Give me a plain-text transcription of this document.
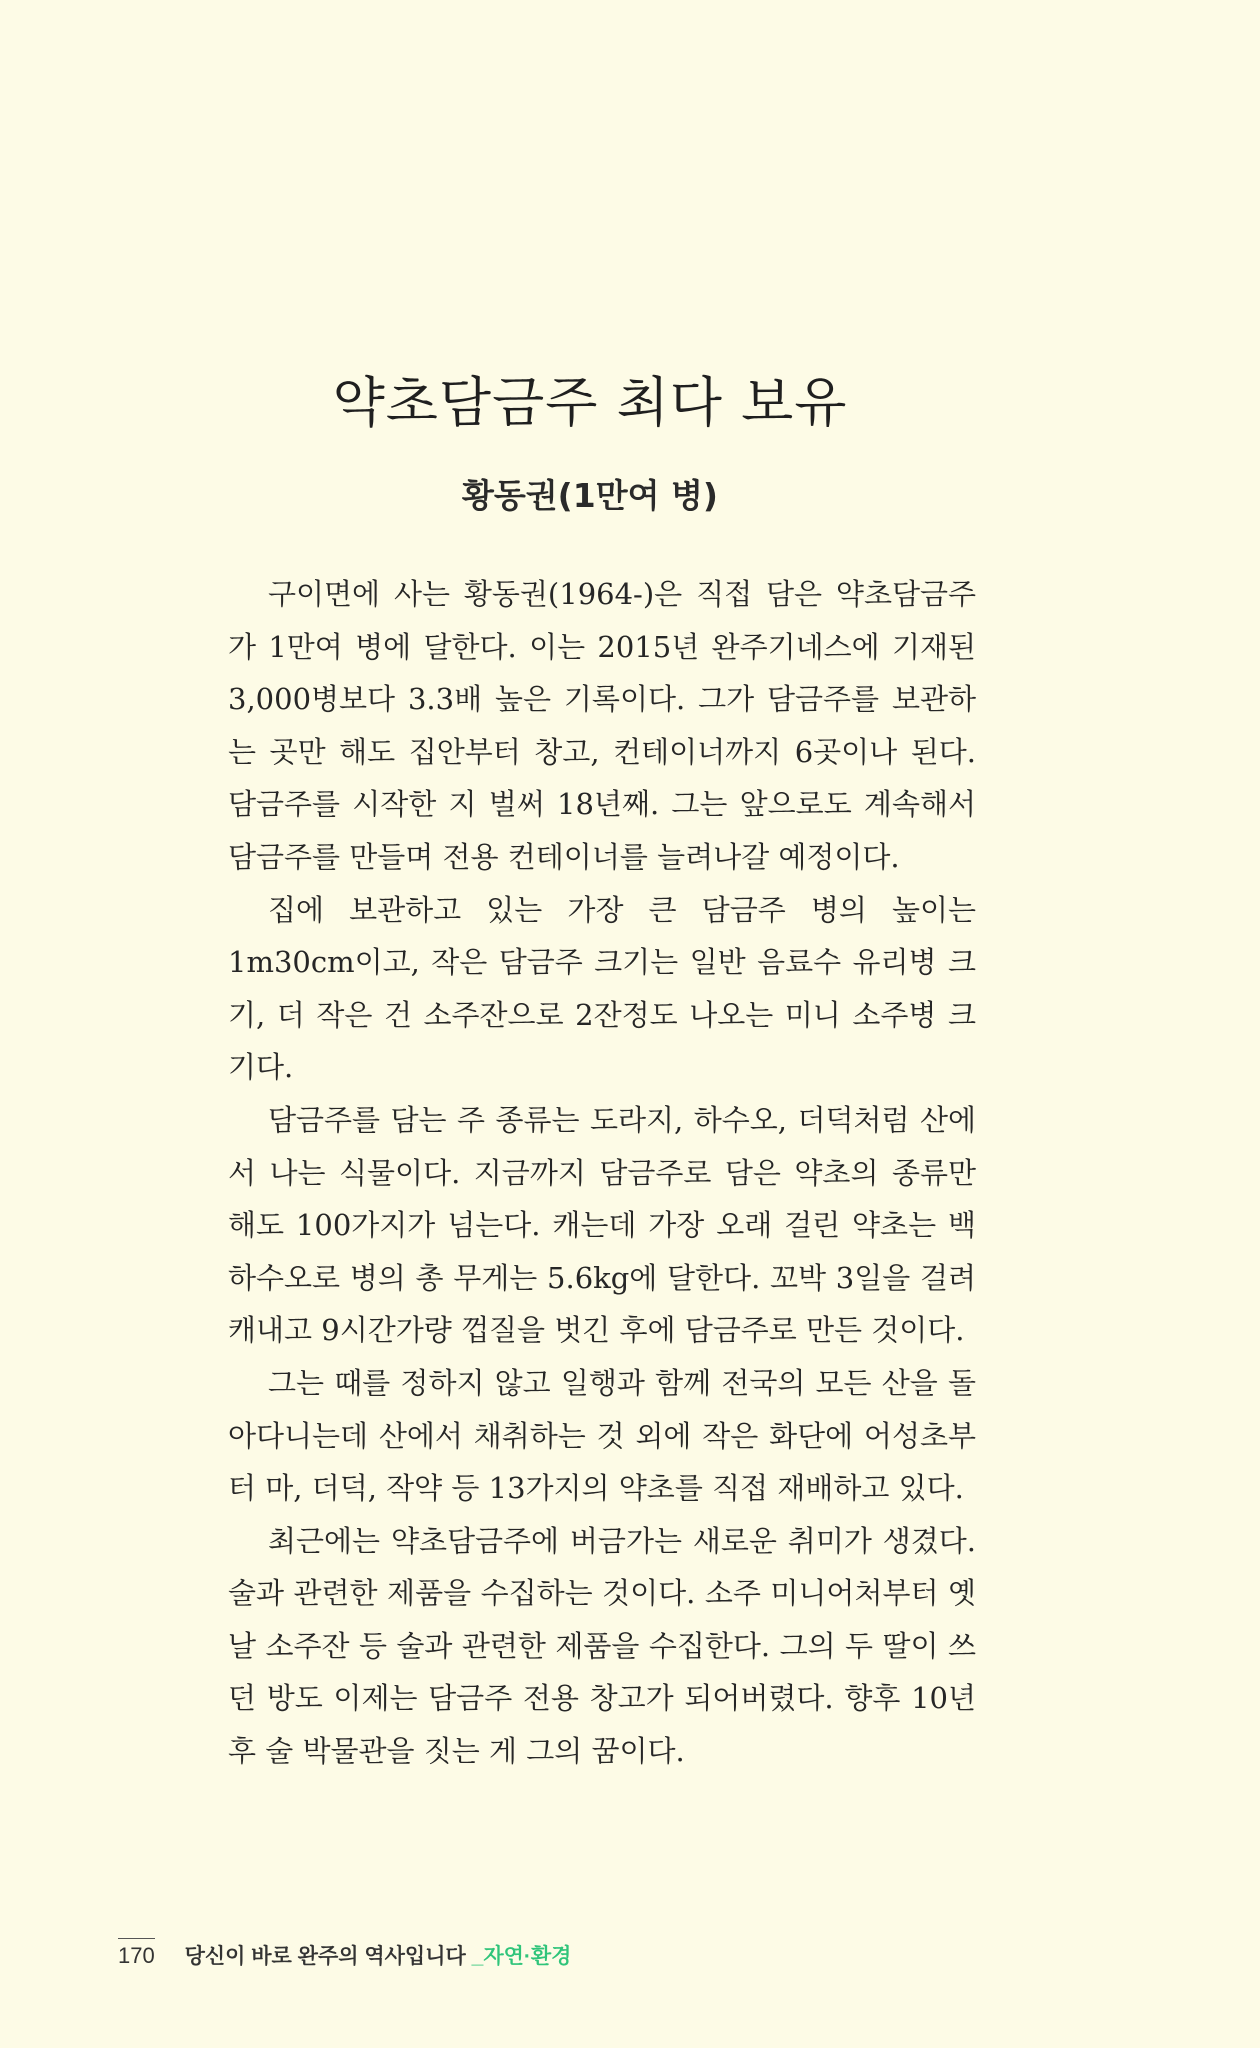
약초담금주 최다 보유
황동권(1만여 병)

구이면에 사는 황동권(1964-)은 직접 담은 약초담금주가 1만여 병에 달한다. 이는 2015년 완주기네스에 기재된 3,000병보다 3.3배 높은 기록이다. 그가 담금주를 보관하는 곳만 해도 집안부터 창고, 컨테이너까지 6곳이나 된다. 담금주를 시작한 지 벌써 18년째. 그는 앞으로도 계속해서 담금주를 만들며 전용 컨테이너를 늘려나갈 예정이다.

집에 보관하고 있는 가장 큰 담금주 병의 높이는 1m30cm이고, 작은 담금주 크기는 일반 음료수 유리병 크기, 더 작은 건 소주잔으로 2잔정도 나오는 미니 소주병 크기다.

담금주를 담는 주 종류는 도라지, 하수오, 더덕처럼 산에서 나는 식물이다. 지금까지 담금주로 담은 약초의 종류만 해도 100가지가 넘는다. 캐는데 가장 오래 걸린 약초는 백하수오로 병의 총 무게는 5.6kg에 달한다. 꼬박 3일을 걸려 캐내고 9시간가량 껍질을 벗긴 후에 담금주로 만든 것이다.

그는 때를 정하지 않고 일행과 함께 전국의 모든 산을 돌아다니는데 산에서 채취하는 것 외에 작은 화단에 어성초부터 마, 더덕, 작약 등 13가지의 약초를 직접 재배하고 있다.

최근에는 약초담금주에 버금가는 새로운 취미가 생겼다. 술과 관련한 제품을 수집하는 것이다. 소주 미니어처부터 옛날 소주잔 등 술과 관련한 제품을 수집한다. 그의 두 딸이 쓰던 방도 이제는 담금주 전용 창고가 되어버렸다. 향후 10년 후 술 박물관을 짓는 게 그의 꿈이다.

170 당신이 바로 완주의 역사입니다 _자연·환경
